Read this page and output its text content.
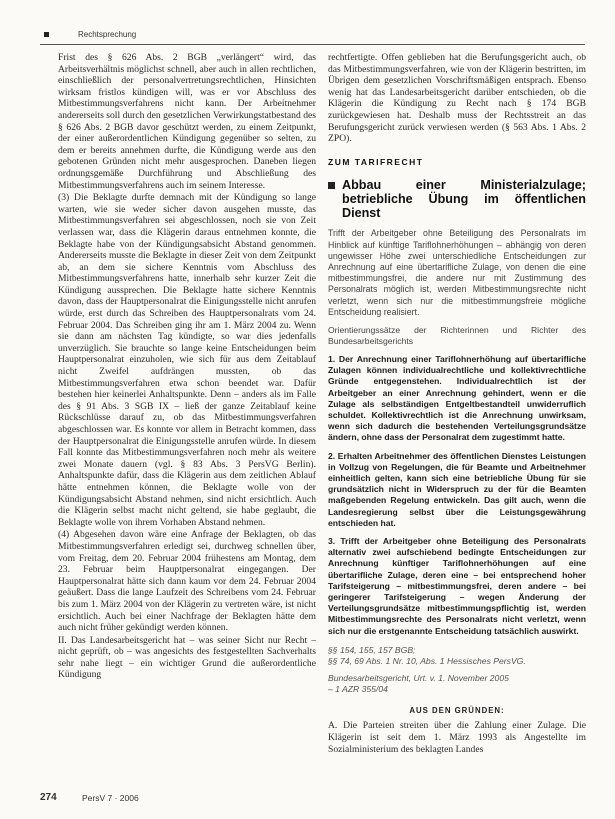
Rechtsprechung

Frist des § 626 Abs. 2 BGB „verlängert“ wird, das Arbeitsverhältnis möglichst schnell, aber auch in allen rechtlichen, einschließlich der personalvertretungsrechtlichen, Hinsichten wirksam fristlos kündigen will, was er vor Abschluss des Mitbestimmungsverfahrens nicht kann. Der Arbeitnehmer andererseits soll durch den gesetzlichen Verwirkungstatbestand des § 626 Abs. 2 BGB davor geschützt werden, zu einem Zeitpunkt, der einer außerordentlichen Kündigung gegenüber so selten, zu dem er bereits annehmen durfte, die Kündigung werde aus den gebotenen Gründen nicht mehr ausgesprochen. Daneben liegen ordnungsgemäße Durchführung und Abschließung des Mitbestimmungsverfahrens auch im seinem Interesse.

(3) Die Beklagte durfte demnach mit der Kündigung so lange warten, wie sie weder sicher davon ausgehen musste, das Mitbestimmungsverfahren sei abgeschlossen, noch sie von Zeit verlassen war, dass die Klägerin daraus entnehmen konnte, die Beklagte habe von der Kündigungsabsicht Abstand genommen. Andererseits musste die Beklagte in dieser Zeit von dem Zeitpunkt ab, an dem sie sichere Kenntnis vom Abschluss des Mitbestimmungsverfahrens hatte, innerhalb sehr kurzer Zeit die Kündigung aussprechen. Die Beklagte hatte sichere Kenntnis davon, dass der Hauptpersonalrat die Einigungsstelle nicht anrufen würde, erst durch das Schreiben des Hauptpersonalrats vom 24. Februar 2004. Das Schreiben ging ihr am 1. März 2004 zu. Wenn sie dann am nächsten Tag kündigte, so war dies jedenfalls unverzüglich. Sie brauchte so lange keine Entscheidungen beim Hauptpersonalrat einzuholen, wie sich für aus dem Zeitablauf nicht Zweifel aufdrängen mussten, ob das Mitbestimmungsverfahren etwa schon beendet war. Dafür bestehen hier keinerlei Anhaltspunkte. Denn – anders als im Falle des § 91 Abs. 3 SGB IX – ließ der ganze Zeitablauf keine Rückschlüsse darauf zu, ob das Mitbestimmungsverfahren abgeschlossen war. Es konnte vor allem in Betracht kommen, dass der Hauptpersonalrat die Einigungsstelle anrufen würde. In diesem Fall konnte das Mitbestimmungsverfahren noch mehr als weitere zwei Monate dauern (vgl. § 83 Abs. 3 PersVG Berlin). Anhaltspunkte dafür, dass die Klägerin aus dem zeitlichen Ablauf hätte entnehmen können, die Beklagte wolle von der Kündigungsabsicht Abstand nehmen, sind nicht ersichtlich. Auch die Klägerin selbst macht nicht geltend, sie habe geglaubt, die Beklagte wolle von ihrem Vorhaben Abstand nehmen.

(4) Abgesehen davon wäre eine Anfrage der Beklagten, ob das Mitbestimmungsverfahren erledigt sei, durchweg schnellen über, vom Freitag, dem 20. Februar 2004 frühestens am Montag, dem 23. Februar beim Hauptpersonalrat eingegangen. Der Hauptpersonalrat hätte sich dann kaum vor dem 24. Februar 2004 geäußert. Dass die lange Laufzeit des Schreibens vom 24. Februar bis zum 1. März 2004 von der Klägerin zu vertreten wäre, ist nicht ersichtlich. Auch bei einer Nachfrage der Beklagten hätte dem auch nicht früher gekündigt werden können.

II. Das Landesarbeitsgericht hat – was seiner Sicht nur Recht – nicht geprüft, ob – was angesichts des festgestellten Sachverhalts sehr nahe liegt – ein wichtiger Grund die außerordentliche Kündigung

rechtfertigte. Offen geblieben hat die Berufungsgericht auch, ob das Mitbestimmungsverfahren, wie von der Klägerin bestritten, im Übrigen dem gesetzlichen Vorschriftsmäßigen entsprach. Ebenso wenig hat das Landesarbeitsgericht darüber entschieden, ob die Klägerin die Kündigung zu Recht nach § 174 BGB zurückgewiesen hat. Deshalb muss der Rechtsstreit an das Berufungsgericht zurück verwiesen werden (§ 563 Abs. 1 Abs. 2 ZPO).

ZUM TARIFRECHT
Abbau einer Ministerialzulage; betriebliche Übung im öffentlichen Dienst
Trifft der Arbeitgeber ohne Beteiligung des Personalrats im Hinblick auf künftige Tariflohnerhöhungen – abhängig von deren ungewisser Höhe zwei unterschiedliche Entscheidungen zur Anrechnung auf eine übertarifliche Zulage, von denen die eine mitbestimmungsfrei, die andere nur mit Zustimmung des Personalrats möglich ist, werden Mitbestimmungsrechte nicht verletzt, wenn sich nur die mitbestimmungsfreie mögliche Entscheidung realisiert.
Orientierungssätze der Richterinnen und Richter des Bundesarbeitsgerichts
1. Der Anrechnung einer Tariflohnerhöhung auf übertarifliche Zulagen können individualrechtliche und kollektivrechtliche Gründe entgegenstehen. Individualrechtlich ist der Arbeitgeber an einer Anrechnung gehindert, wenn er die Zulage als selbständigen Entgeltbestandteil unwiderruflich schuldet. Kollektivrechtlich ist die Anrechnung unwirksam, wenn sich dadurch die bestehenden Verteilungsgrundsätze ändern, ohne dass der Personalrat dem zugestimmt hatte.
2. Erhalten Arbeitnehmer des öffentlichen Dienstes Leistungen in Vollzug von Regelungen, die für Beamte und Arbeitnehmer einheitlich gelten, kann sich eine betriebliche Übung für sie grundsätzlich nicht in Widerspruch zu der für die Beamten maßgebenden Regelung entwickeln. Das gilt auch, wenn die Landesregierung selbst über die Leistungsgewährung entschieden hat.
3. Trifft der Arbeitgeber ohne Beteiligung des Personalrats alternativ zwei aufschiebend bedingte Entscheidungen zur Anrechnung künftiger Tariflohnerhöhungen auf eine übertarifliche Zulage, deren eine – bei entsprechend hoher Tarifsteigerung – mitbestimmungsfrei, deren andere – bei geringerer Tarifsteigerung – wegen Änderung der Verteilungsgrundsätze mitbestimmungspflichtig ist, werden Mitbestimmungsrechte des Personalrats nicht verletzt, wenn sich nur die erstgenannte Entscheidung tatsächlich auswirkt.
§§ 154, 155, 157 BGB;
§§ 74, 69 Abs. 1 Nr. 10, Abs. 1 Hessisches PersVG.
Bundesarbeitsgericht, Urt. v. 1. November 2005
– 1 AZR 355/04
AUS DEN GRÜNDEN:

A. Die Parteien streiten über die Zahlung einer Zulage. Die Klägerin ist seit dem 1. März 1993 als Angestellte im Sozialministerium des beklagten Landes

274	PersV 7 · 2006
